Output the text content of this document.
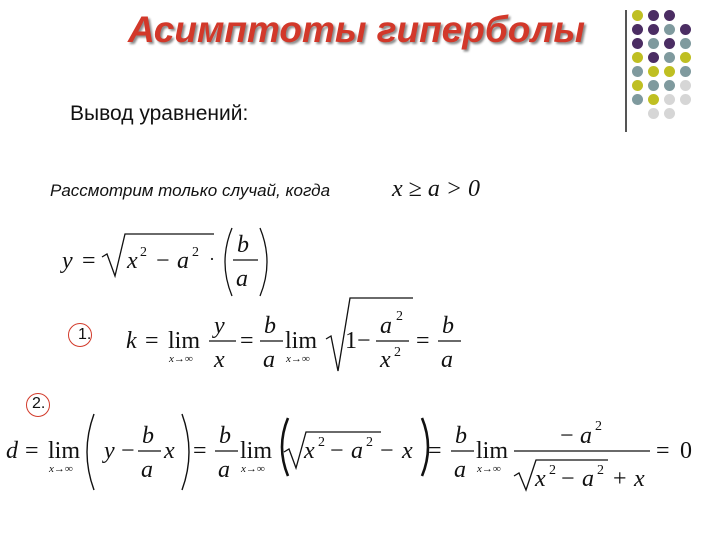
Асимптоты гиперболы
Вывод уравнений:
Рассмотрим только случай, когда	x ≥ a > 0
1.
2.
y = x 2 − a 2 ·
b
a
k = lim
x→∞
y
x
=
b
a
lim
x→∞
1 −
a 2
x 2 =
b
a
d = lim
x→∞
y −
b
a
x =
b
a
lim
x→∞
x 2 − a 2 − x =
b
a
lim
x→∞
− a 2
x 2 − a 2 + x
= 0
